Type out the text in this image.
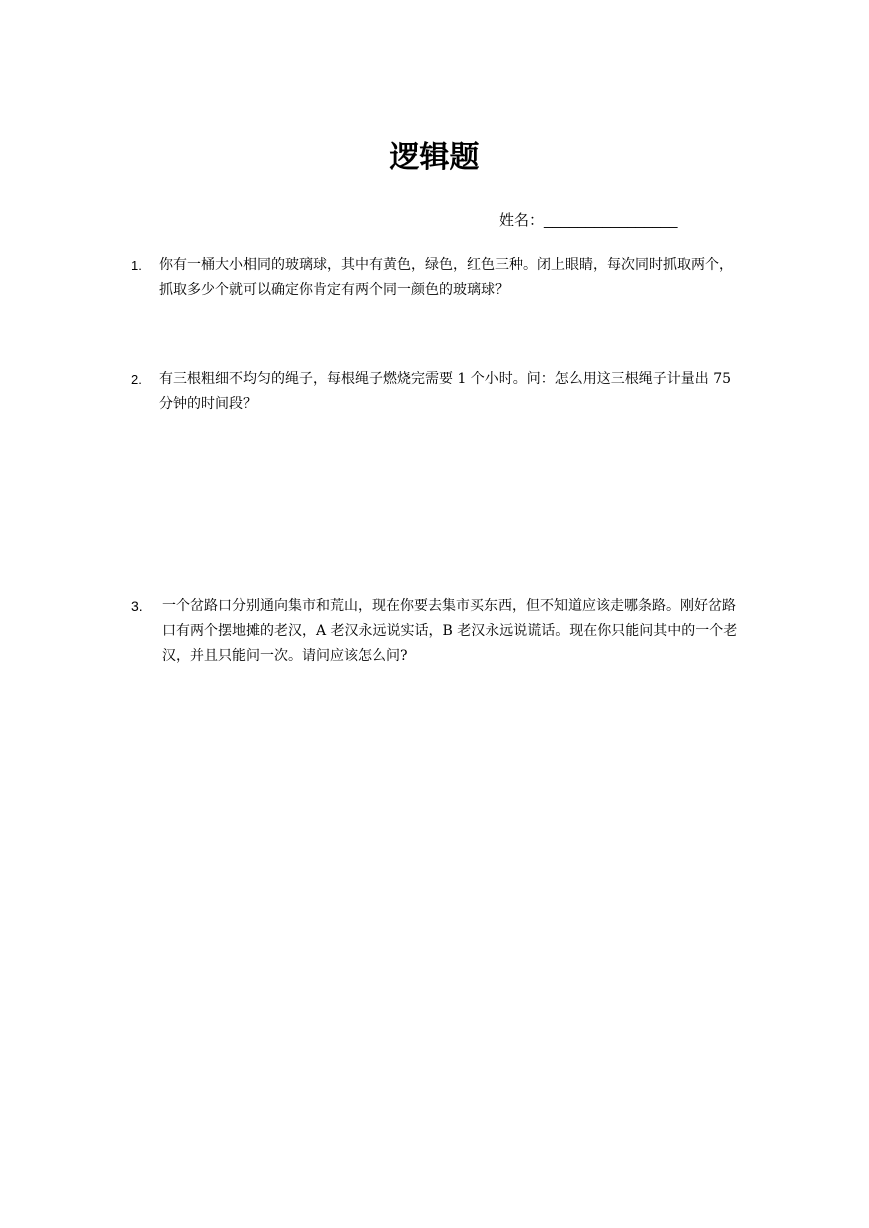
逻辑题
姓名：________________
1. 你有一桶大小相同的玻璃球，其中有黄色，绿色，红色三种。闭上眼睛，每次同时抓取两个，抓取多少个就可以确定你肯定有两个同一颜色的玻璃球？
2. 有三根粗细不均匀的绳子，每根绳子燃烧完需要 1 个小时。问：怎么用这三根绳子计量出 75 分钟的时间段？
3. 一个岔路口分别通向集市和荒山，现在你要去集市买东西，但不知道应该走哪条路。刚好岔路口有两个摆地摊的老汉，A 老汉永远说实话，B 老汉永远说谎话。现在你只能问其中的一个老汉，并且只能问一次。请问应该怎么问?
